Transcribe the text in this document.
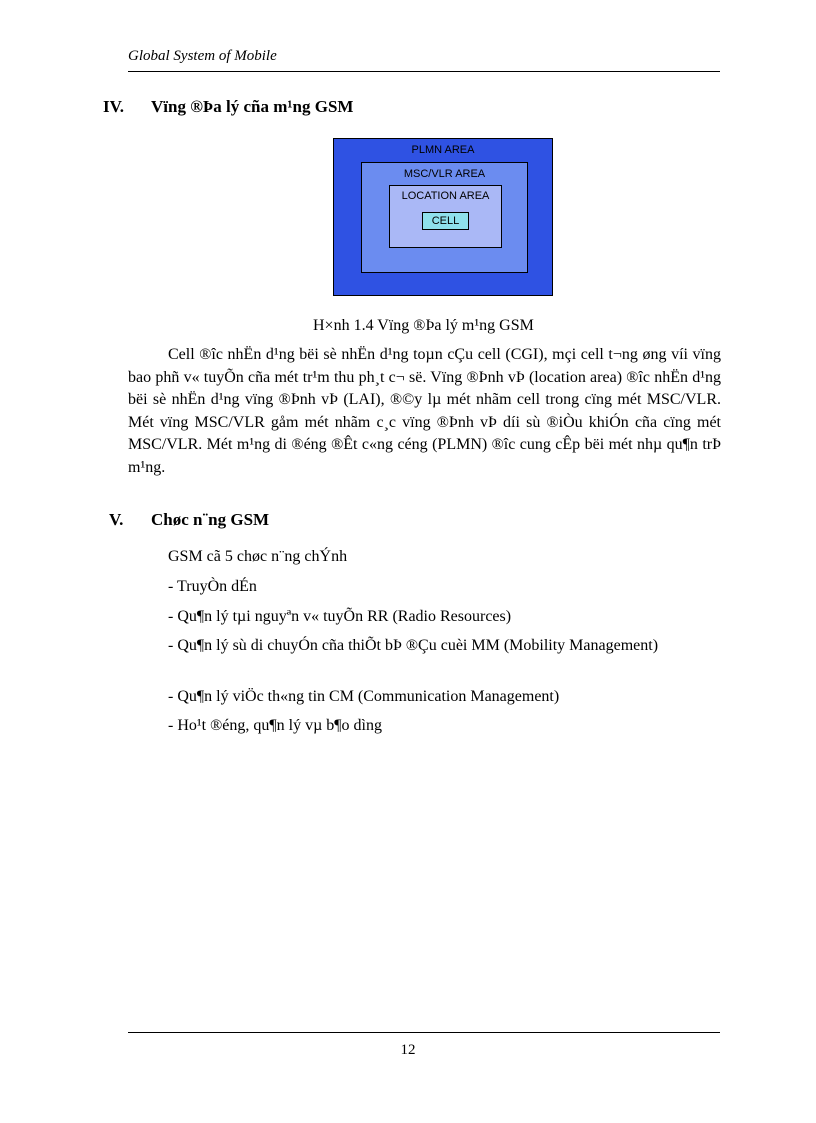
Global System of Mobile
IV. Vïng ®Þa lý cña m¹ng GSM
PLMN AREA
MSC/VLR AREA
LOCATION AREA
CELL
H×nh 1.4 Vïng ®Þa lý m¹ng GSM

Cell ®îc nhËn d¹ng bëi sè nhËn d¹ng toµn cÇu cell (CGI), mçi cell t¬ng øng víi vïng bao phñ v« tuyÕn cña mét tr¹m thu ph¸t c¬ së. Vïng ®Þnh vÞ (location area) ®îc nhËn d¹ng bëi sè nhËn d¹ng vïng ®Þnh vÞ (LAI), ®©y lµ mét nhãm cell trong cïng mét MSC/VLR. Mét vïng MSC/VLR gåm mét nhãm c¸c vïng ®Þnh vÞ díi sù ®iÒu khiÓn cña cïng mét MSC/VLR. Mét m¹ng di ®éng ®Êt c«ng céng (PLMN) ®îc cung cÊp bëi mét nhµ qu¶n trÞ m¹ng.

V. Chøc n¨ng GSM

GSM cã 5 chøc n¨ng chÝnh

- TruyÒn dÉn

- Qu¶n lý tµi nguyªn v« tuyÕn RR (Radio Resources)

- Qu¶n lý sù di chuyÓn cña thiÕt bÞ ®Çu cuèi MM (Mobility Management)

- Qu¶n lý viÖc th«ng tin CM (Communication Management)

- Ho¹t ®éng, qu¶n lý vµ b¶o dìng

12
